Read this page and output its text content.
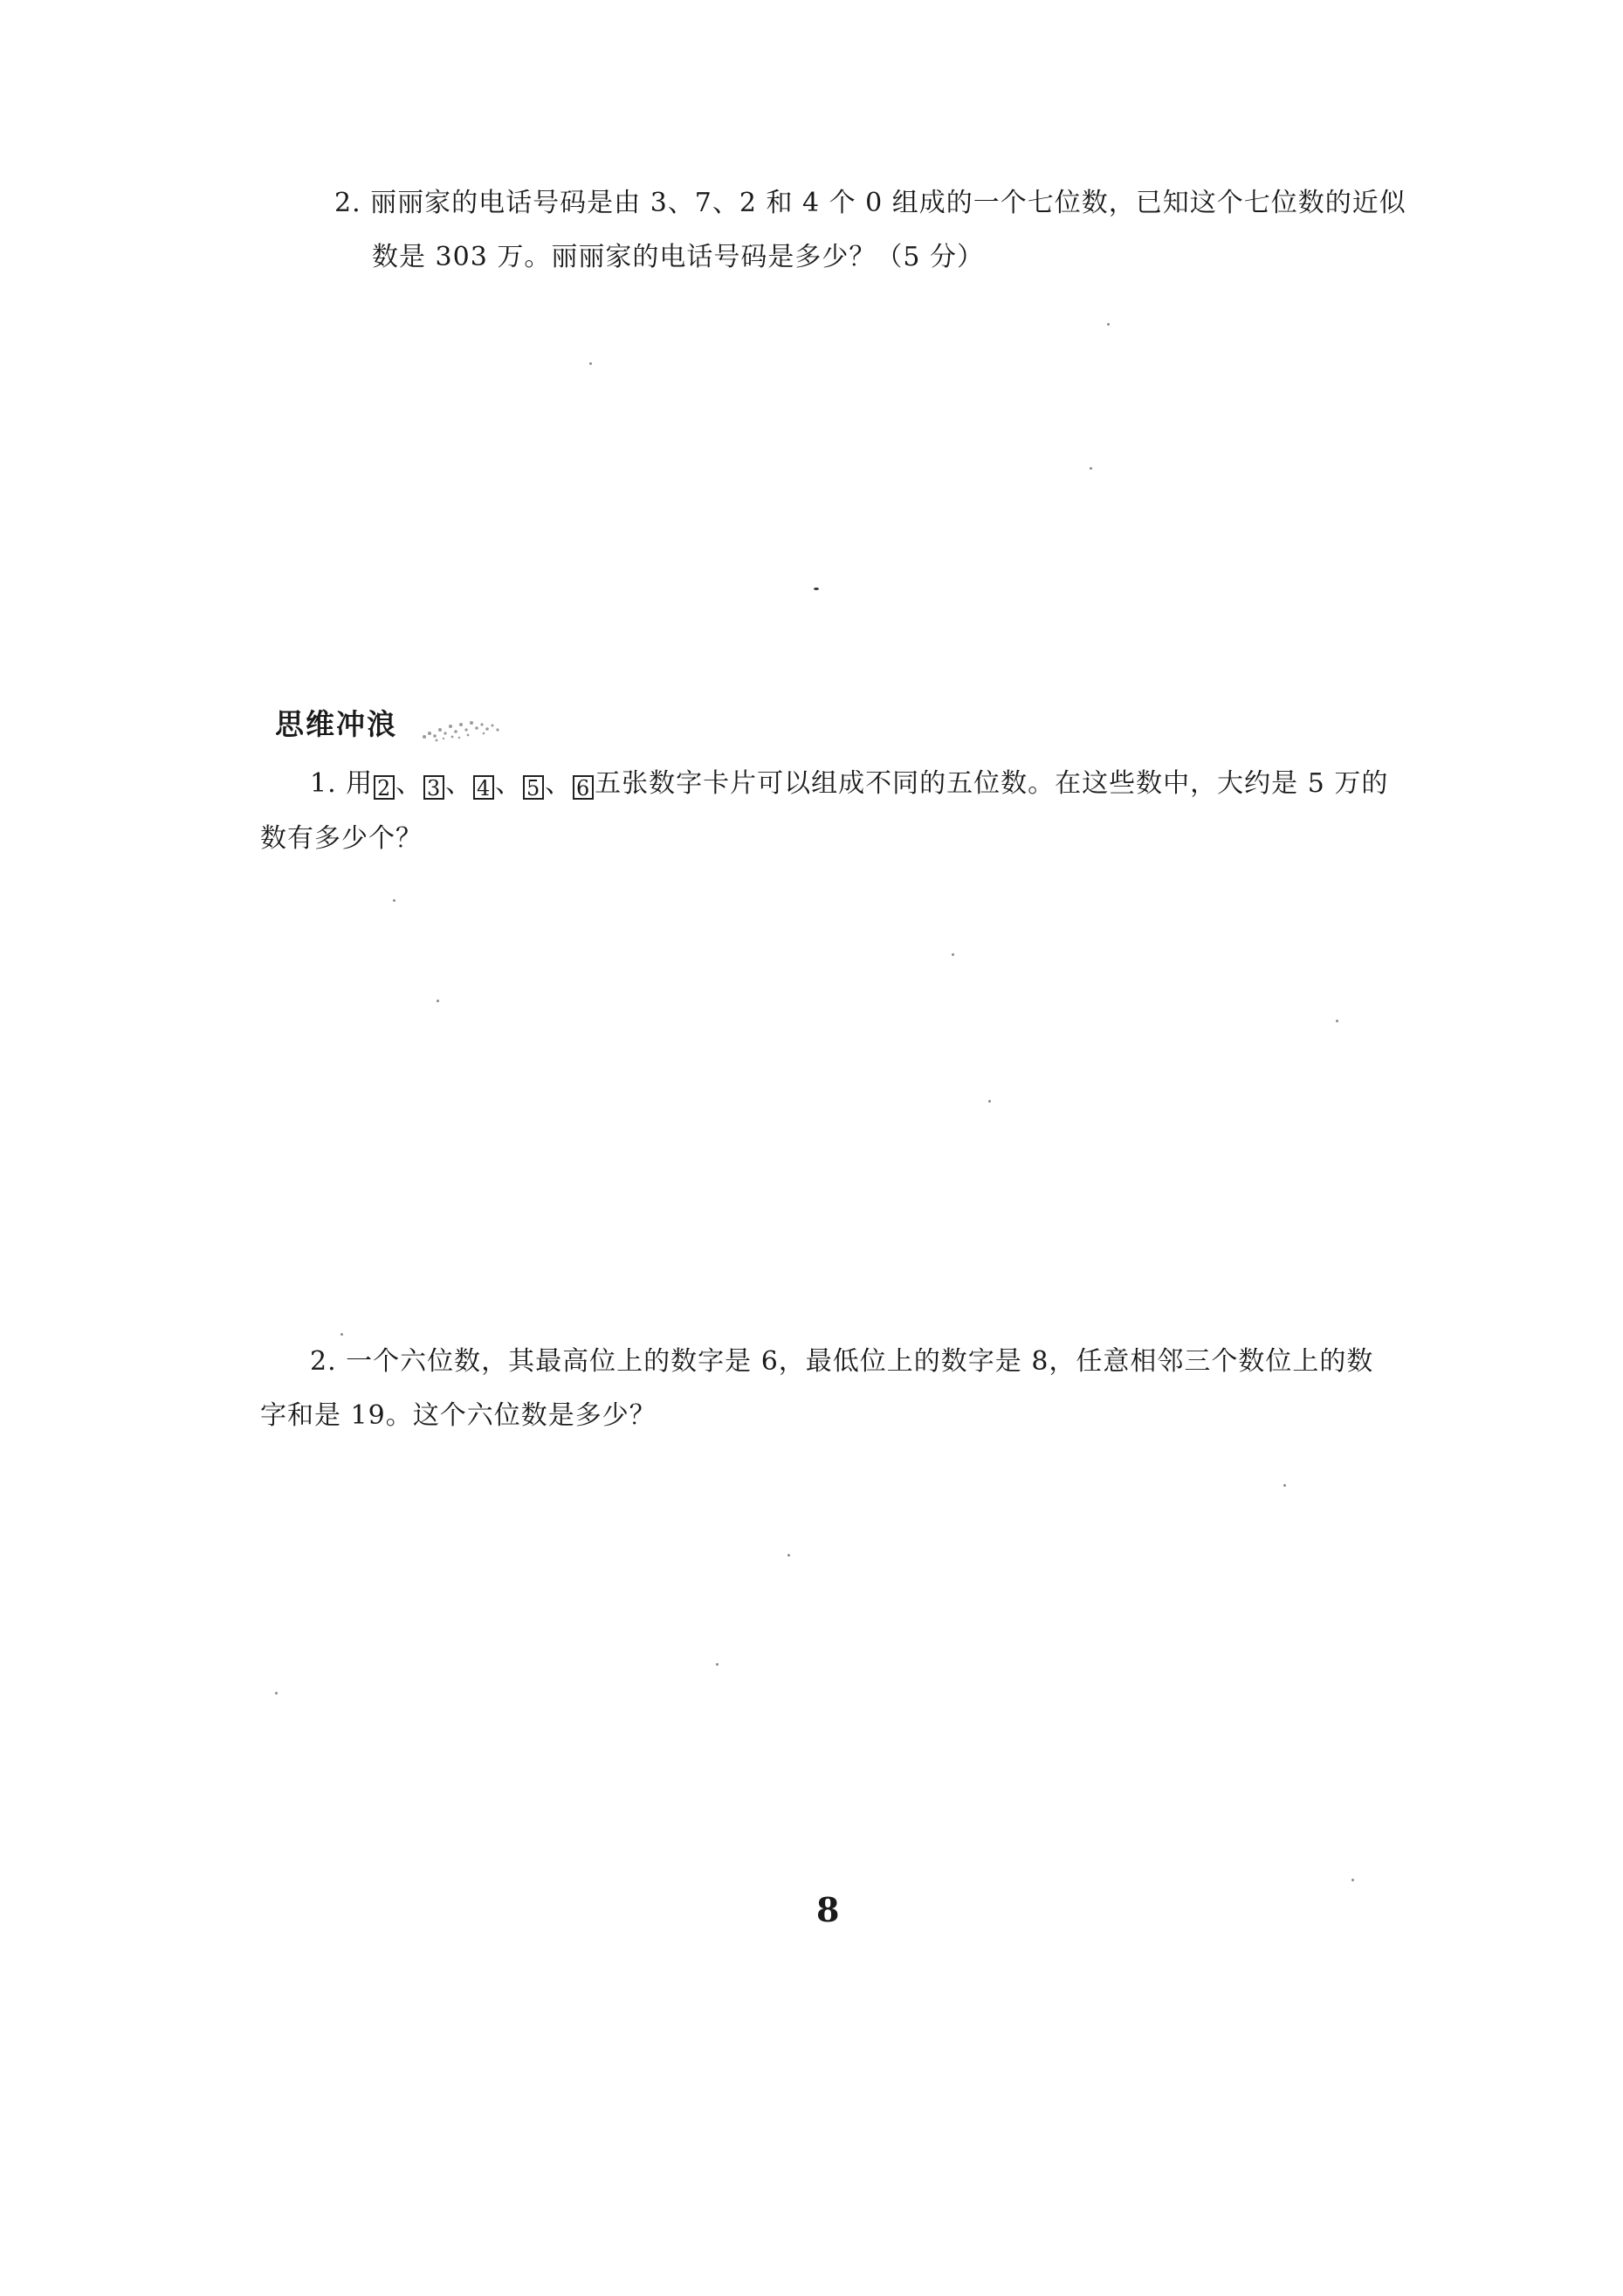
2. 丽丽家的电话号码是由 3、7、2 和 4 个 0 组成的一个七位数，已知这个七位数的近似
数是 303 万。丽丽家的电话号码是多少？（5 分）
思维冲浪
1. 用 2 、 3 、 4 、 5 、 6 五张数字卡片可以组成不同的五位数。在这些数中，大约是 5 万的
数有多少个？
2. 一个六位数，其最高位上的数字是 6，最低位上的数字是 8，任意相邻三个数位上的数
字和是 19。这个六位数是多少？
8
